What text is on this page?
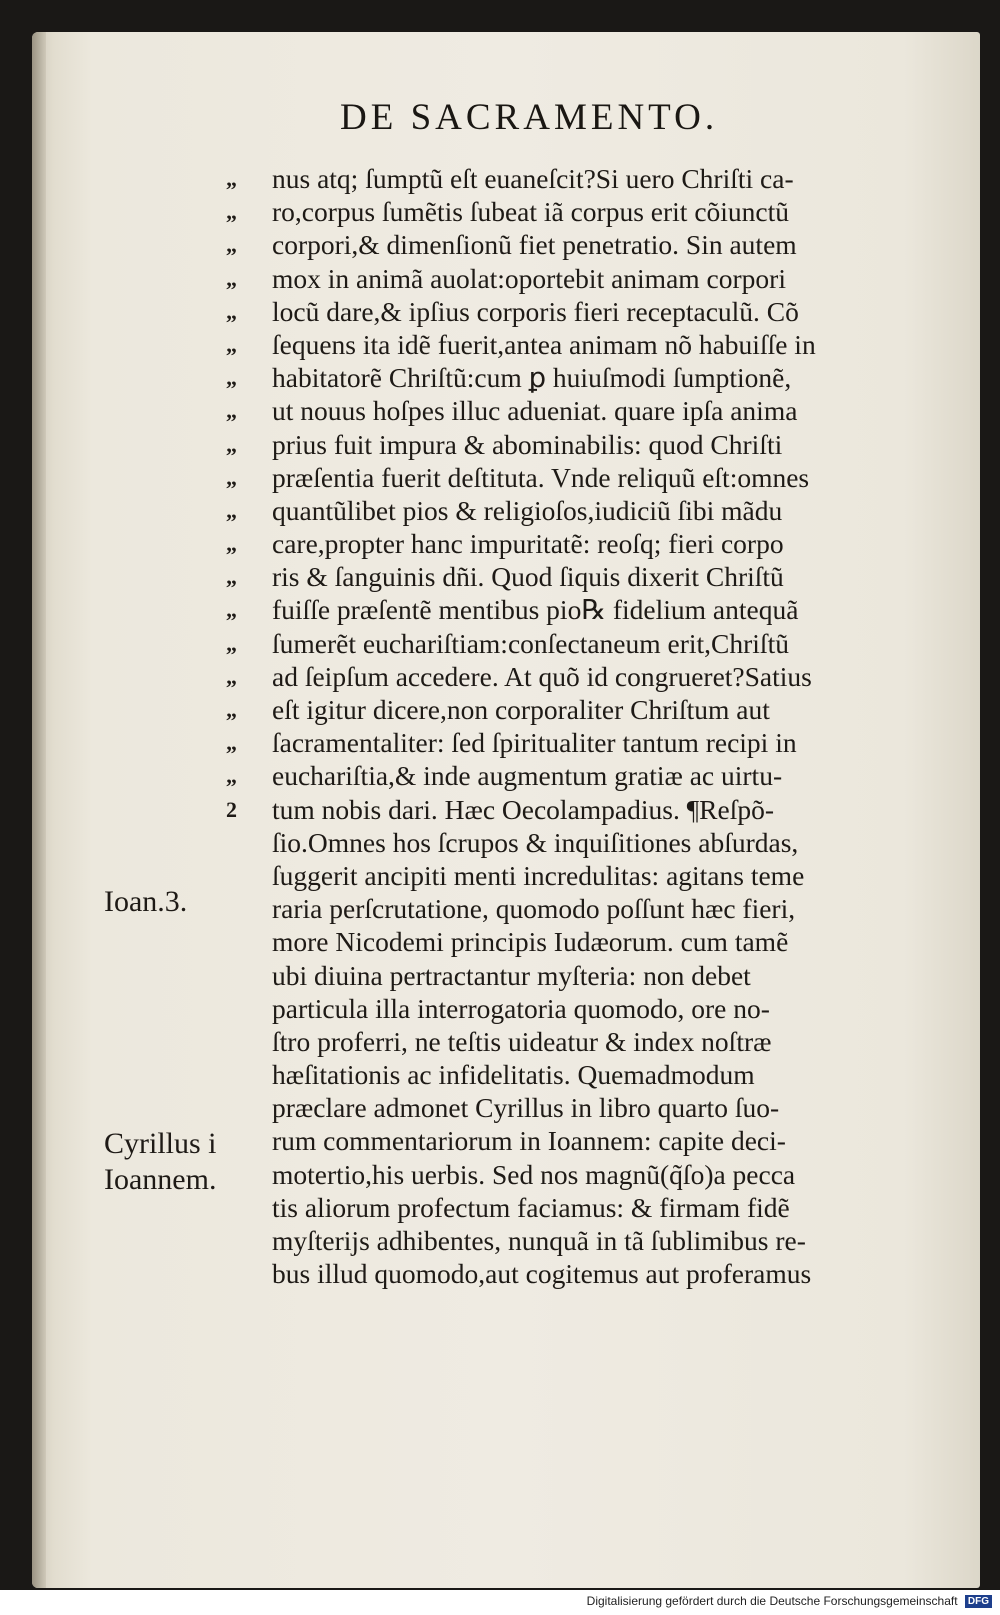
DE SACRAMENTO.
„	nus atq; ſumptũ eſt euaneſcit?Si uero Chriſti ca-
„	ro,corpus ſumẽtis ſubeat iã corpus erit cõiunctũ
„	corpori,& dimenſionũ fiet penetratio. Sin autem
„	mox in animã auolat:oportebit animam corpori
„	locũ dare,& ipſius corporis fieri receptaculũ. Cõ
„	ſequens ita idẽ fuerit,antea animam nõ habuiſſe in
„	habitatorẽ Chriſtũ:cum ꝑ huiuſmodi ſumptionẽ,
„	ut nouus hoſpes illuc adueniat. quare ipſa anima
„	prius fuit impura & abominabilis: quod Chriſti
„	præſentia fuerit deſtituta. Vnde reliquũ eſt:omnes
„	quantũlibet pios & religioſos,iudiciũ ſibi mãdu
„	care,propter hanc impuritatẽ: reoſq; fieri corpo
„	ris & ſanguinis dñi. Quod ſiquis dixerit Chriſtũ
„	fuiſſe præſentẽ mentibus pio℞ fidelium antequã
„	ſumerẽt euchariſtiam:conſectaneum erit,Chriſtũ
„	ad ſeipſum accedere. At quõ id congrueret?Satius
„	eſt igitur dicere,non corporaliter Chriſtum aut
„	ſacramentaliter: ſed ſpiritualiter tantum recipi in
„	euchariſtia,& inde augmentum gratiæ ac uirtu-
2	tum nobis dari. Hæc Oecolampadius. ¶Reſpõ-
ſio.Omnes hos ſcrupos & inquiſitiones abſurdas,
ſuggerit ancipiti menti incredulitas: agitans teme
raria perſcrutatione, quomodo poſſunt hæc fieri,
more Nicodemi principis Iudæorum. cum tamẽ
ubi diuina pertractantur myſteria: non debet
particula illa interrogatoria quomodo, ore no-
ſtro proferri, ne teſtis uideatur & index noſtræ
hæſitationis ac infidelitatis. Quemadmodum
præclare admonet Cyrillus in libro quarto ſuo-
rum commentariorum in Ioannem: capite deci-
motertio,his uerbis. Sed nos magnũ(q̃ſo)a pecca
tis aliorum profectum faciamus: & firmam fidẽ
myſterijs adhibentes, nunquã in tã ſublimibus re-
bus illud quomodo,aut cogitemus aut proferamus
Ioan.3.
Cyrillus i
Ioannem.
Digitalisierung gefördert durch die Deutsche Forschungsgemeinschaft DFG
